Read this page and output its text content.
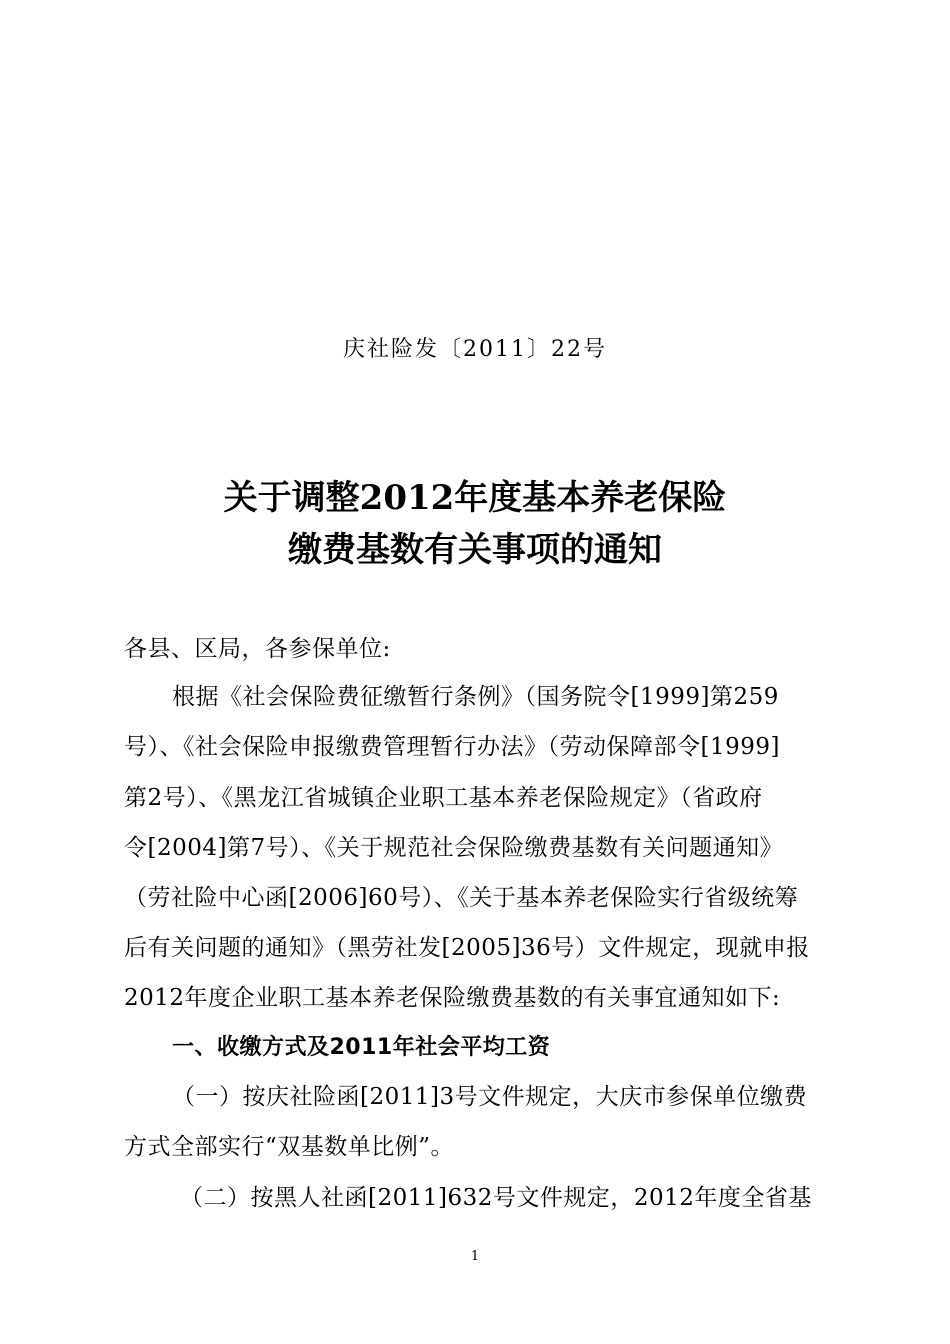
庆社险发〔2011〕22号
关于调整2012年度基本养老保险
缴费基数有关事项的通知
各县、区局，各参保单位:
根据《社会保险费征缴暂行条例》（国务院令[1999]第259
号）、《社会保险申报缴费管理暂行办法》（劳动保障部令[1999]
第2号）、《黑龙江省城镇企业职工基本养老保险规定》（省政府
令[2004]第7号）、《关于规范社会保险缴费基数有关问题通知》
（劳社险中心函[2006]60号）、《关于基本养老保险实行省级统筹
后有关问题的通知》（黑劳社发[2005]36号）文件规定，现就申报
2012年度企业职工基本养老保险缴费基数的有关事宜通知如下:
一、收缴方式及2011年社会平均工资
（一）按庆社险函[2011]3号文件规定，大庆市参保单位缴费
方式全部实行“双基数单比例”。
（二）按黑人社函[2011]632号文件规定，2012年度全省基
1
